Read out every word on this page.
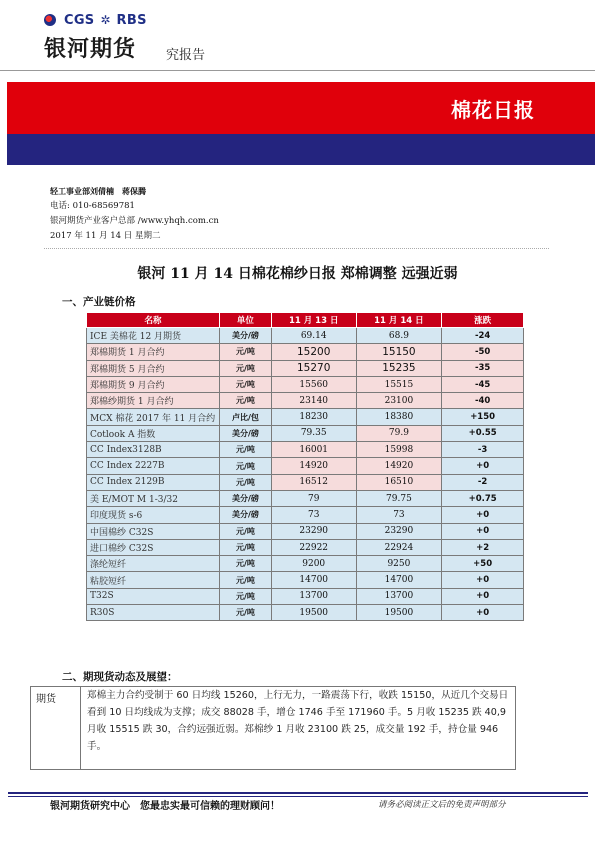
CGS ✲ RBS
银河期货 究报告
棉花日报
轻工事业部刘倩楠　蒋保腾
电话: 010-68569781
银河期货产业客户总部 /www.yhqh.com.cn
2017 年 11 月 14 日 星期二
银河 11 月 14 日棉花棉纱日报 郑棉调整 远强近弱
一、产业链价格
名称	单位	11 月 13 日	11 月 14 日	涨跌
ICE 美棉花 12 月期货	美分/磅	69.14	68.9	-24
郑棉期货 1 月合约	元/吨	15200	15150	-50
郑棉期货 5 月合约	元/吨	15270	15235	-35
郑棉期货 9 月合约	元/吨	15560	15515	-45
郑棉纱期货 1 月合约	元/吨	23140	23100	-40
MCX 棉花 2017 年 11 月合约	卢比/包	18230	18380	+150
Cotlook A 指数	美分/磅	79.35	79.9	+0.55
CC Index3128B	元/吨	16001	15998	-3
CC Index 2227B	元/吨	14920	14920	+0
CC Index 2129B	元/吨	16512	16510	-2
美 E/MOT M 1-3/32	美分/磅	79	79.75	+0.75
印度现货 s-6	美分/磅	73	73	+0
中国棉纱 C32S	元/吨	23290	23290	+0
进口棉纱 C32S	元/吨	22922	22924	+2
涤纶短纤	元/吨	9200	9250	+50
粘胶短纤	元/吨	14700	14700	+0
T32S	元/吨	13700	13700	+0
R30S	元/吨	19500	19500	+0
二、期现货动态及展望：
期货	郑棉主力合约受制于 60 日均线 15260，上行无力，一路震荡下行，收跌 15150，从近几个交易日看到 10 日均线成为支撑；成交 88028 手，增仓 1746 手至 171960 手。5 月收 15235 跌 40,9 月收 15515 跌 30，合约远强近弱。郑棉纱 1 月收 23100 跌 25，成交量 192 手，持仓量 946 手。
银河期货研究中心　您最忠实最可信赖的理财顾问！	请务必阅读正文后的免责声明部分
